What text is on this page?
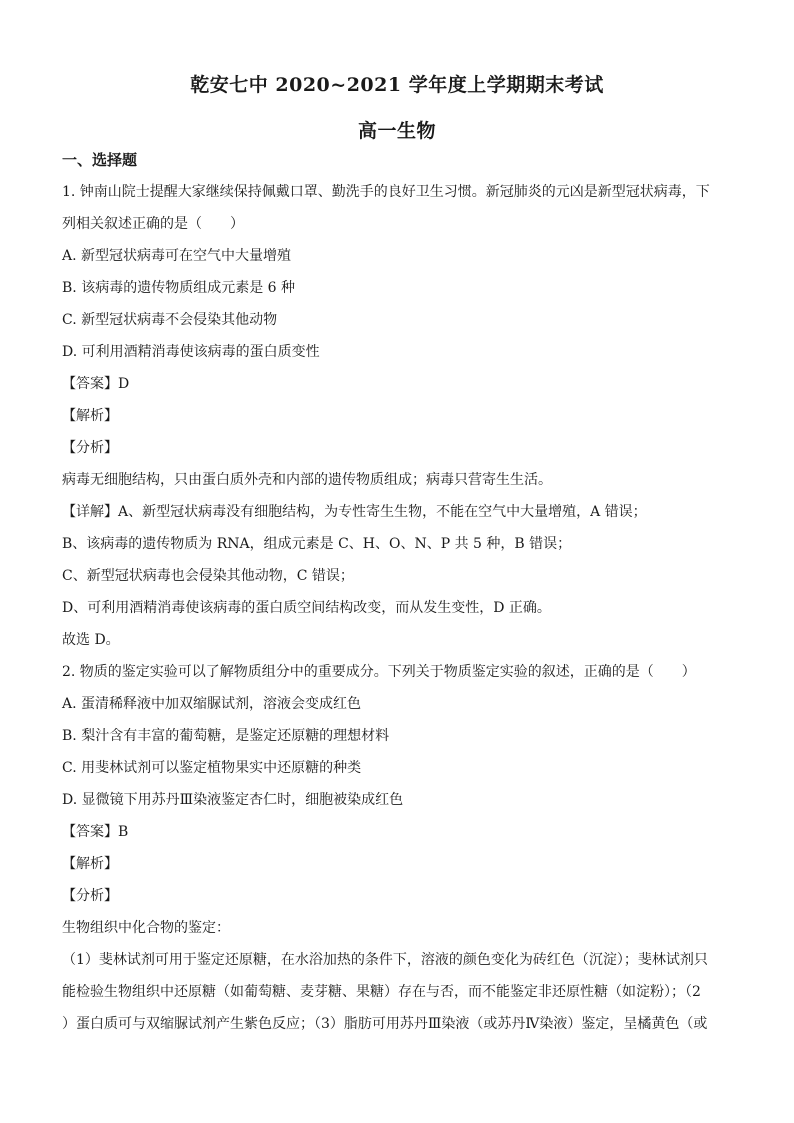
乾安七中 2020~2021 学年度上学期期末考试
高一生物
一、选择题
1. 钟南山院士提醒大家继续保持佩戴口罩、勤洗手的良好卫生习惯。新冠肺炎的元凶是新型冠状病毒，下
列相关叙述正确的是（　　）
A. 新型冠状病毒可在空气中大量增殖
B. 该病毒的遗传物质组成元素是 6 种
C. 新型冠状病毒不会侵染其他动物
D. 可利用酒精消毒使该病毒的蛋白质变性
【答案】D
【解析】
【分析】
病毒无细胞结构，只由蛋白质外壳和内部的遗传物质组成；病毒只营寄生生活。
【详解】A、新型冠状病毒没有细胞结构，为专性寄生生物，不能在空气中大量增殖，A 错误；
B、该病毒的遗传物质为 RNA，组成元素是 C、H、O、N、P 共 5 种，B 错误；
C、新型冠状病毒也会侵染其他动物，C 错误；
D、可利用酒精消毒使该病毒的蛋白质空间结构改变，而从发生变性，D 正确。
故选 D。
2. 物质的鉴定实验可以了解物质组分中的重要成分。下列关于物质鉴定实验的叙述，正确的是（　　）
A. 蛋清稀释液中加双缩脲试剂，溶液会变成红色
B. 梨汁含有丰富的葡萄糖，是鉴定还原糖的理想材料
C. 用斐林试剂可以鉴定植物果实中还原糖的种类
D. 显微镜下用苏丹Ⅲ染液鉴定杏仁时，细胞被染成红色
【答案】B
【解析】
【分析】
生物组织中化合物的鉴定：
（1）斐林试剂可用于鉴定还原糖，在水浴加热的条件下，溶液的颜色变化为砖红色（沉淀）；斐林试剂只
能检验生物组织中还原糖（如葡萄糖、麦芽糖、果糖）存在与否，而不能鉴定非还原性糖（如淀粉）；（2
）蛋白质可与双缩脲试剂产生紫色反应；（3）脂肪可用苏丹Ⅲ染液（或苏丹Ⅳ染液）鉴定，呈橘黄色（或
